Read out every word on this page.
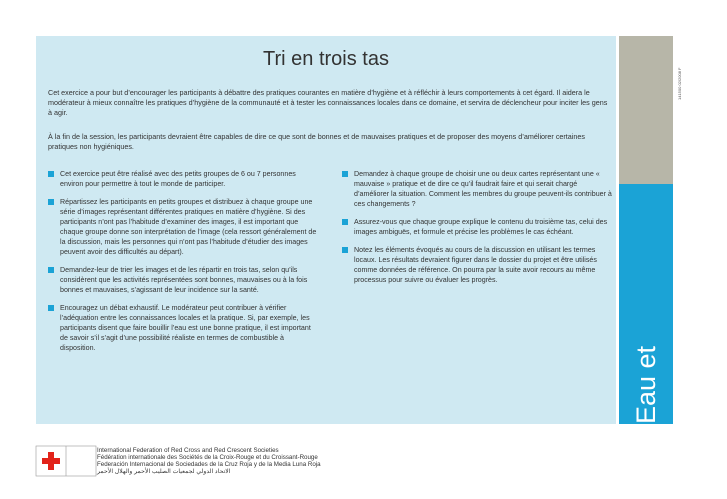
Tri en trois tas

Cet exercice a pour but d’encourager les participants à débattre des pratiques courantes en matière d’hygiène et à réfléchir à leurs comportements à cet égard. Il aidera le modérateur à mieux connaître les pratiques d’hygiène de la communauté et à tester les connaissances locales dans ce domaine, et servira de déclencheur pour inciter les gens à agir.

À la fin de la session, les participants devraient être capables de dire ce que sont de bonnes et de mauvaises pratiques et de proposer des moyens d’améliorer certaines pratiques non hygiéniques.

Cet exercice peut être réalisé avec des petits groupes de 6 ou 7 personnes environ pour permettre à tout le monde de participer.

Répartissez les participants en petits groupes et distribuez à chaque groupe une série d’images représentant différentes pratiques en matière d’hygiène. Si des participants n’ont pas l’habitude d’examiner des images, il est important que chaque groupe donne son interprétation de l’image (cela ressort généralement de la discussion, mais les personnes qui n’ont pas l’habitude d’étudier des images peuvent avoir des difficultés au départ).

Demandez-leur de trier les images et de les répartir en trois tas, selon qu’ils considèrent que les activités représentées sont bonnes, mauvaises ou à la fois bonnes et mauvaises, s’agissant de leur incidence sur la santé.

Encouragez un débat exhaustif. Le modérateur peut contribuer à vérifier l’adéquation entre les connaissances locales et la pratique. Si, par exemple, les participants disent que faire bouillir l’eau est une bonne pratique, il est important de savoir s’il s’agit d’une possibilité réaliste en termes de combustible à disposition.

Demandez à chaque groupe de choisir une ou deux cartes représentant une « mauvaise » pratique et de dire ce qu’il faudrait faire et qui serait chargé d’améliorer la situation. Comment les membres du groupe peuvent-ils contribuer à ces changements ?

Assurez-vous que chaque groupe explique le contenu du troisième tas, celui des images ambiguës, et formule et précise les problèmes le cas échéant.

Notez les éléments évoqués au cours de la discussion en utilisant les termes locaux. Les résultats devraient figurer dans le dossier du projet et être utilisés comme données de référence. On pourra par la suite avoir recours au même processus pour suivre ou évaluer les progrès.

141500 02/2008 F
Eau et assainissement
International Federation of Red Cross and Red Crescent Societies
Fédération internationale des Sociétés de la Croix-Rouge et du Croissant-Rouge
Federación Internacional de Sociedades de la Cruz Roja y de la Media Luna Roja
الاتحاد الدولي لجمعيات الصليب الأحمر والهلال الأحمر
